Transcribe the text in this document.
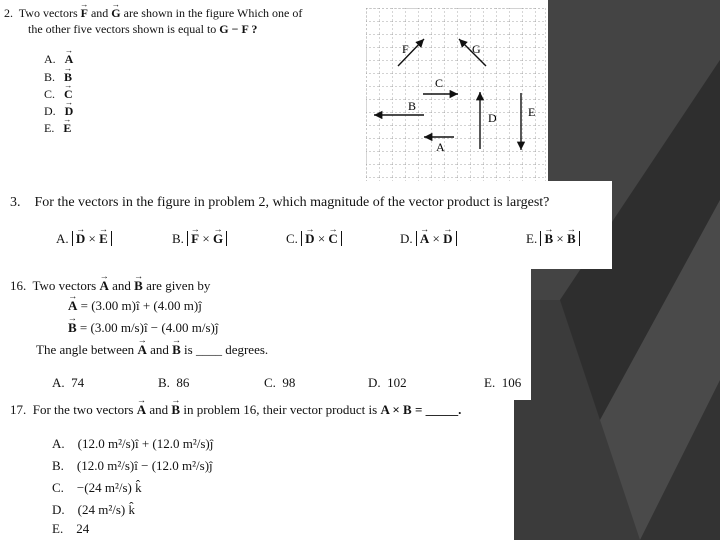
2. Two vectors → F and → G are shown in the figure Which one of
the other five vectors shown is equal to G − F ?
A. → A
B. → B
C. → C
D. → D
E. → E
F	G
C
B
D	E
A
3. For the vectors in the figure in problem 2, which magnitude of the vector product is largest?
A. → D × → E	B. → F × → G	C. → D × → C	D. → A × → D	E. → B × → B
16. Two vectors → A and → B are given by
→ A = (3.00 m)î + (4.00 m)ĵ
→ B = (3.00 m/s)î − (4.00 m/s)ĵ
The angle between → A and → B is ____ degrees.
A. 74	B. 86	C. 98	D. 102	E. 106
17. For the two vectors → A and → B in problem 16, their vector product is A × B = _____.
A. (12.0 m²/s)î + (12.0 m²/s)ĵ
B. (12.0 m²/s)î − (12.0 m²/s)ĵ
C. −(24 m²/s) k̂
D. (24 m²/s) k̂
E. 24
